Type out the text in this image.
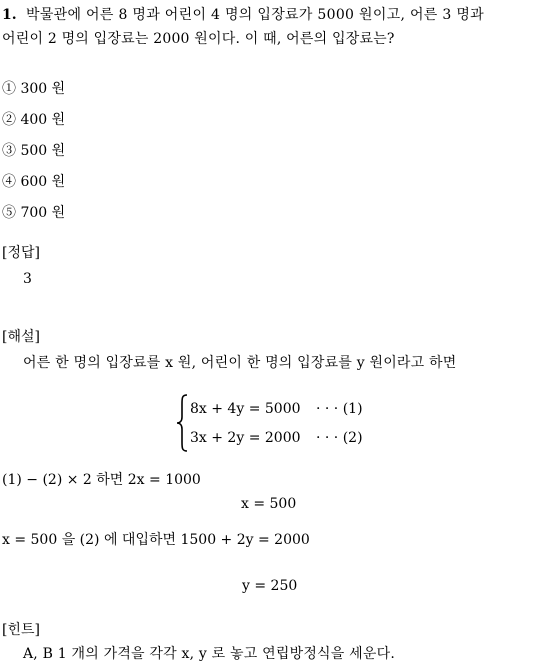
1. 박물관에 어른 8 명과 어린이 4 명의 입장료가 5000 원이고, 어른 3 명과
어린이 2 명의 입장료는 2000 원이다. 이 때, 어른의 입장료는?
① 300 원
② 400 원
③ 500 원
④ 600 원
⑤ 700 원
[정답]
3
[해설]
어른 한 명의 입장료를 x 원, 어린이 한 명의 입장료를 y 원이라고 하면
8x + 4y = 5000 · · · (1)
3x + 2y = 2000 · · · (2)
(1) − (2) × 2 하면 2x = 1000
x = 500
x = 500 을 (2) 에 대입하면 1500 + 2y = 2000
y = 250
[힌트]
A, B 1 개의 가격을 각각 x, y 로 놓고 연립방정식을 세운다.
